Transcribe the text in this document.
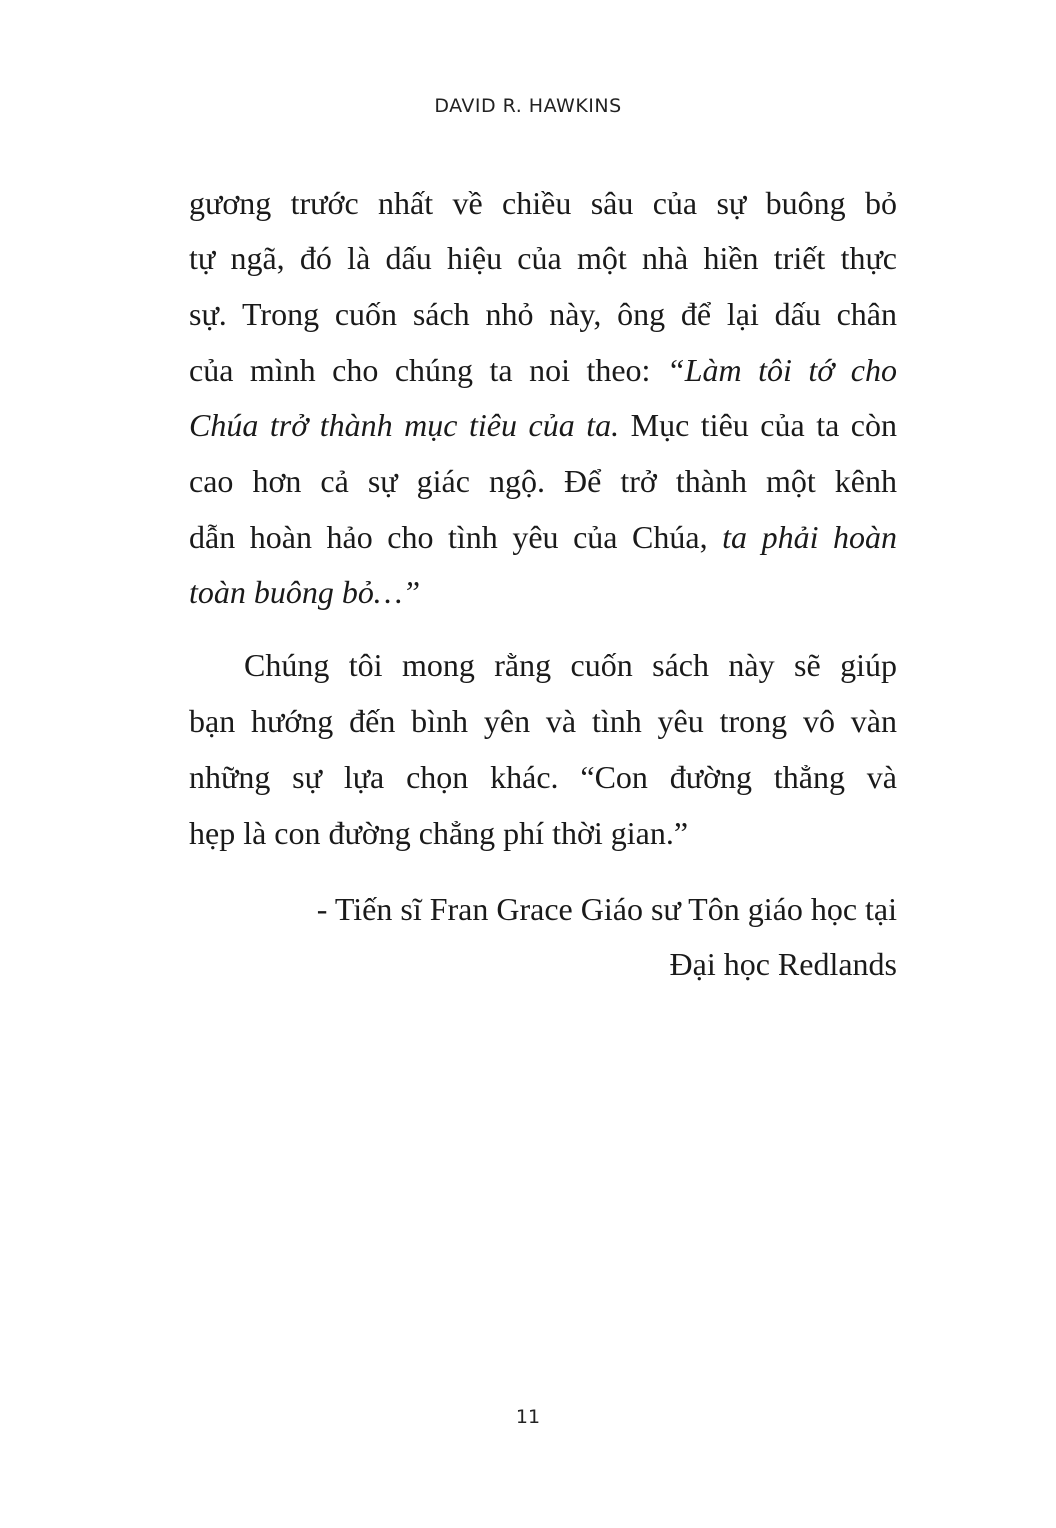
DAVID R. HAWKINS
gương trước nhất về chiều sâu của sự buông bỏ
tự ngã, đó là dấu hiệu của một nhà hiền triết thực
sự. Trong cuốn sách nhỏ này, ông để lại dấu chân
của mình cho chúng ta noi theo: “Làm tôi tớ cho
Chúa trở thành mục tiêu của ta. Mục tiêu của ta còn
cao hơn cả sự giác ngộ. Để trở thành một kênh
dẫn hoàn hảo cho tình yêu của Chúa, ta phải hoàn
toàn buông bỏ…”
Chúng tôi mong rằng cuốn sách này sẽ giúp
bạn hướng đến bình yên và tình yêu trong vô vàn
những sự lựa chọn khác. “Con đường thẳng và
hẹp là con đường chẳng phí thời gian.”
- Tiến sĩ Fran Grace Giáo sư Tôn giáo học tại
Đại học Redlands
11
